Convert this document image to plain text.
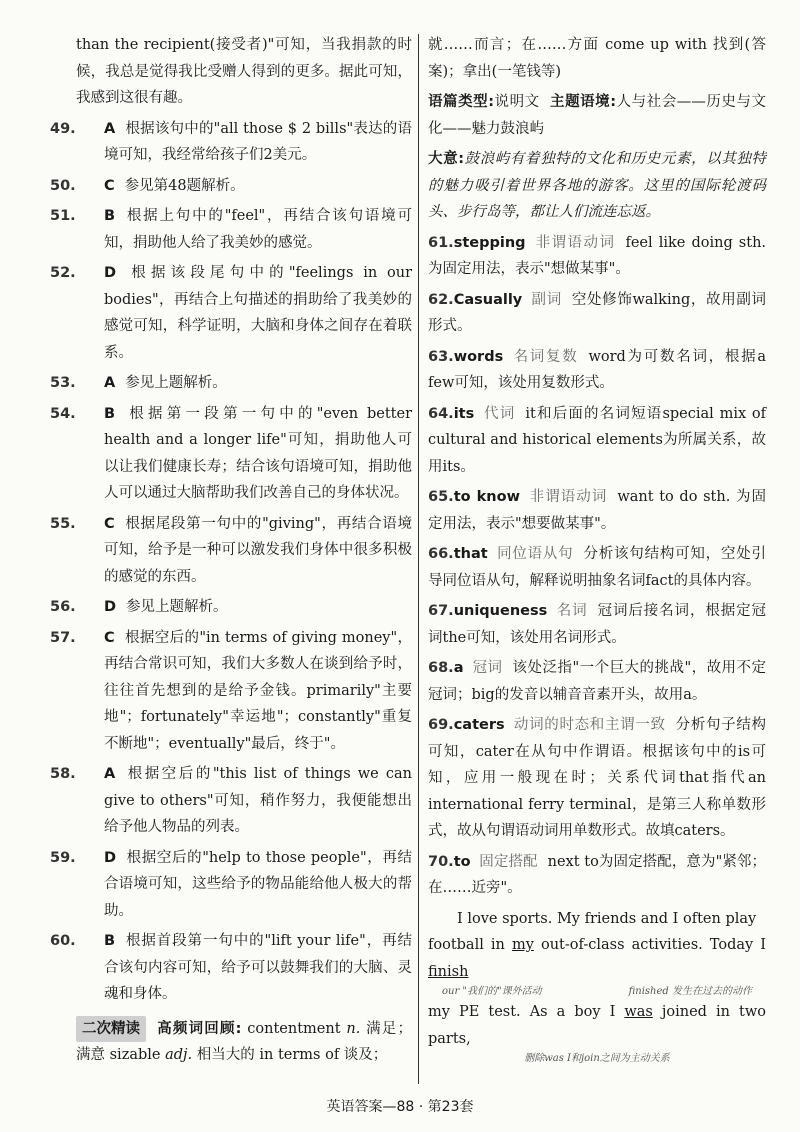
than the recipient(接受者)"可知，当我捐款的时候，我总是觉得我比受赠人得到的更多。据此可知，我感到这很有趣。

49. A 根据该句中的"all those $ 2 bills"表达的语境可知，我经常给孩子们2美元。

50. C 参见第48题解析。

51. B 根据上句中的"feel"，再结合该句语境可知，捐助他人给了我美妙的感觉。

52. D 根据该段尾句中的"feelings in our bodies"，再结合上句描述的捐助给了我美妙的感觉可知，科学证明，大脑和身体之间存在着联系。

53. A 参见上题解析。

54. B 根据第一段第一句中的"even better health and a longer life"可知，捐助他人可以让我们健康长寿；结合该句语境可知，捐助他人可以通过大脑帮助我们改善自己的身体状况。

55. C 根据尾段第一句中的"giving"，再结合语境可知，给予是一种可以激发我们身体中很多积极的感觉的东西。

56. D 参见上题解析。

57. C 根据空后的"in terms of giving money"，再结合常识可知，我们大多数人在谈到给予时，往往首先想到的是给予金钱。primarily"主要地"；fortunately"幸运地"；constantly"重复不断地"；eventually"最后，终于"。

58. A 根据空后的"this list of things we can give to others"可知，稍作努力，我便能想出给予他人物品的列表。

59. D 根据空后的"help to those people"，再结合语境可知，这些给予的物品能给他人极大的帮助。

60. B 根据首段第一句中的"lift your life"，再结合该句内容可知，给予可以鼓舞我们的大脑、灵魂和身体。

二次精读 高频词回顾: contentment n. 满足；满意 sizable adj. 相当大的 in terms of 谈及；

就……而言；在……方面 come up with 找到(答案)；拿出(一笔钱等)

语篇类型:说明文 主题语境:人与社会——历史与文化——魅力鼓浪屿

大意:鼓浪屿有着独特的文化和历史元素，以其独特的魅力吸引着世界各地的游客。这里的国际轮渡码头、步行岛等，都让人们流连忘返。

61.stepping 非谓语动词 feel like doing sth. 为固定用法，表示"想做某事"。

62.Casually 副词 空处修饰walking，故用副词形式。

63.words 名词复数 word为可数名词，根据a few可知，该处用复数形式。

64.its 代词 it和后面的名词短语special mix of cultural and historical elements为所属关系，故用its。

65.to know 非谓语动词 want to do sth. 为固定用法，表示"想要做某事"。

66.that 同位语从句 分析该句结构可知，空处引导同位语从句，解释说明抽象名词fact的具体内容。

67.uniqueness 名词 冠词后接名词，根据定冠词the可知，该处用名词形式。

68.a 冠词 该处泛指"一个巨大的挑战"，故用不定冠词；big的发音以辅音音素开头，故用a。

69.caters 动词的时态和主谓一致 分析句子结构可知，cater在从句中作谓语。根据该句中的is可知，应用一般现在时；关系代词that指代an international ferry terminal，是第三人称单数形式，故从句谓语动词用单数形式。故填caters。

70.to 固定搭配 next to为固定搭配，意为"紧邻；在……近旁"。

I love sports. My friends and I often play

football in my out-of-class activities. Today I finish

our "我们的"课外活动	finished 发生在过去的动作

my PE test. As a boy I was joined in two parts,

删除was I和join之间为主动关系
英语答案—88 · 第23套
